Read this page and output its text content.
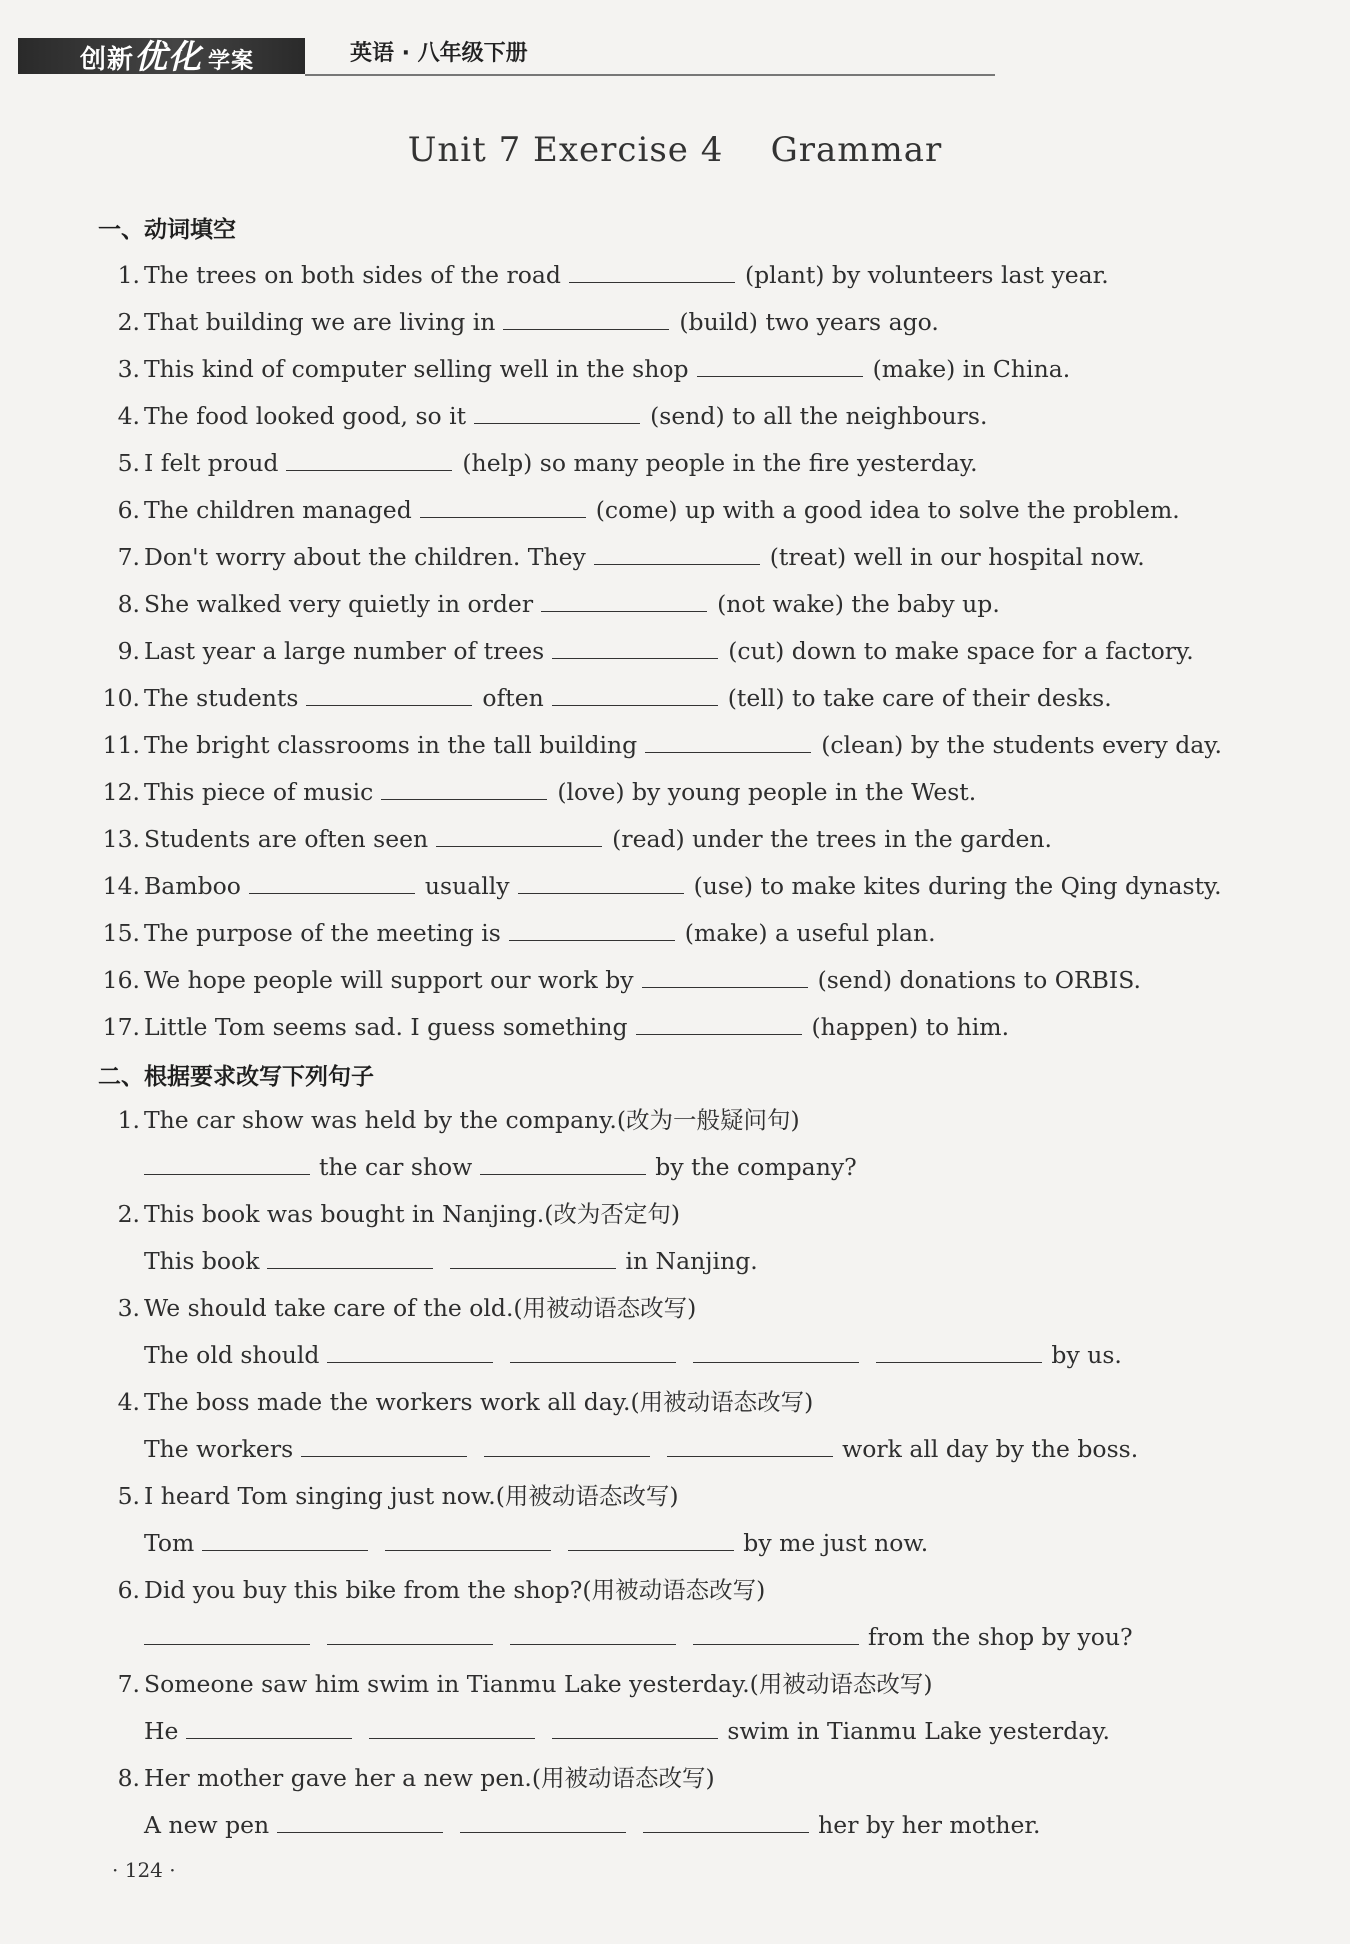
创新优化 学案	英语 · 八年级下册
Unit 7 Exercise 4    Grammar
一、动词填空
1. The trees on both sides of the road	(plant) by volunteers last year.
2. That building we are living in	(build) two years ago.
3. This kind of computer selling well in the shop	(make) in China.
4. The food looked good, so it	(send) to all the neighbours.
5. I felt proud	(help) so many people in the fire yesterday.
6. The children managed	(come) up with a good idea to solve the problem.
7. Don't worry about the children. They	(treat) well in our hospital now.
8. She walked very quietly in order	(not wake) the baby up.
9. Last year a large number of trees	(cut) down to make space for a factory.
10. The students	often	(tell) to take care of their desks.
11. The bright classrooms in the tall building	(clean) by the students every day.
12. This piece of music	(love) by young people in the West.
13. Students are often seen	(read) under the trees in the garden.
14. Bamboo	usually	(use) to make kites during the Qing dynasty.
15. The purpose of the meeting is	(make) a useful plan.
16. We hope people will support our work by	(send) donations to ORBIS.
17. Little Tom seems sad. I guess something	(happen) to him.
二、根据要求改写下列句子
1. The car show was held by the company.(改为一般疑问句)
the car show	by the company?
2. This book was bought in Nanjing.(改为否定句)
This book	in Nanjing.
3. We should take care of the old.(用被动语态改写)
The old should	by us.
4. The boss made the workers work all day.(用被动语态改写)
The workers	work all day by the boss.
5. I heard Tom singing just now.(用被动语态改写)
Tom	by me just now.
6. Did you buy this bike from the shop?(用被动语态改写)
from the shop by you?
7. Someone saw him swim in Tianmu Lake yesterday.(用被动语态改写)
He	swim in Tianmu Lake yesterday.
8. Her mother gave her a new pen.(用被动语态改写)
A new pen	her by her mother.
· 124 ·
